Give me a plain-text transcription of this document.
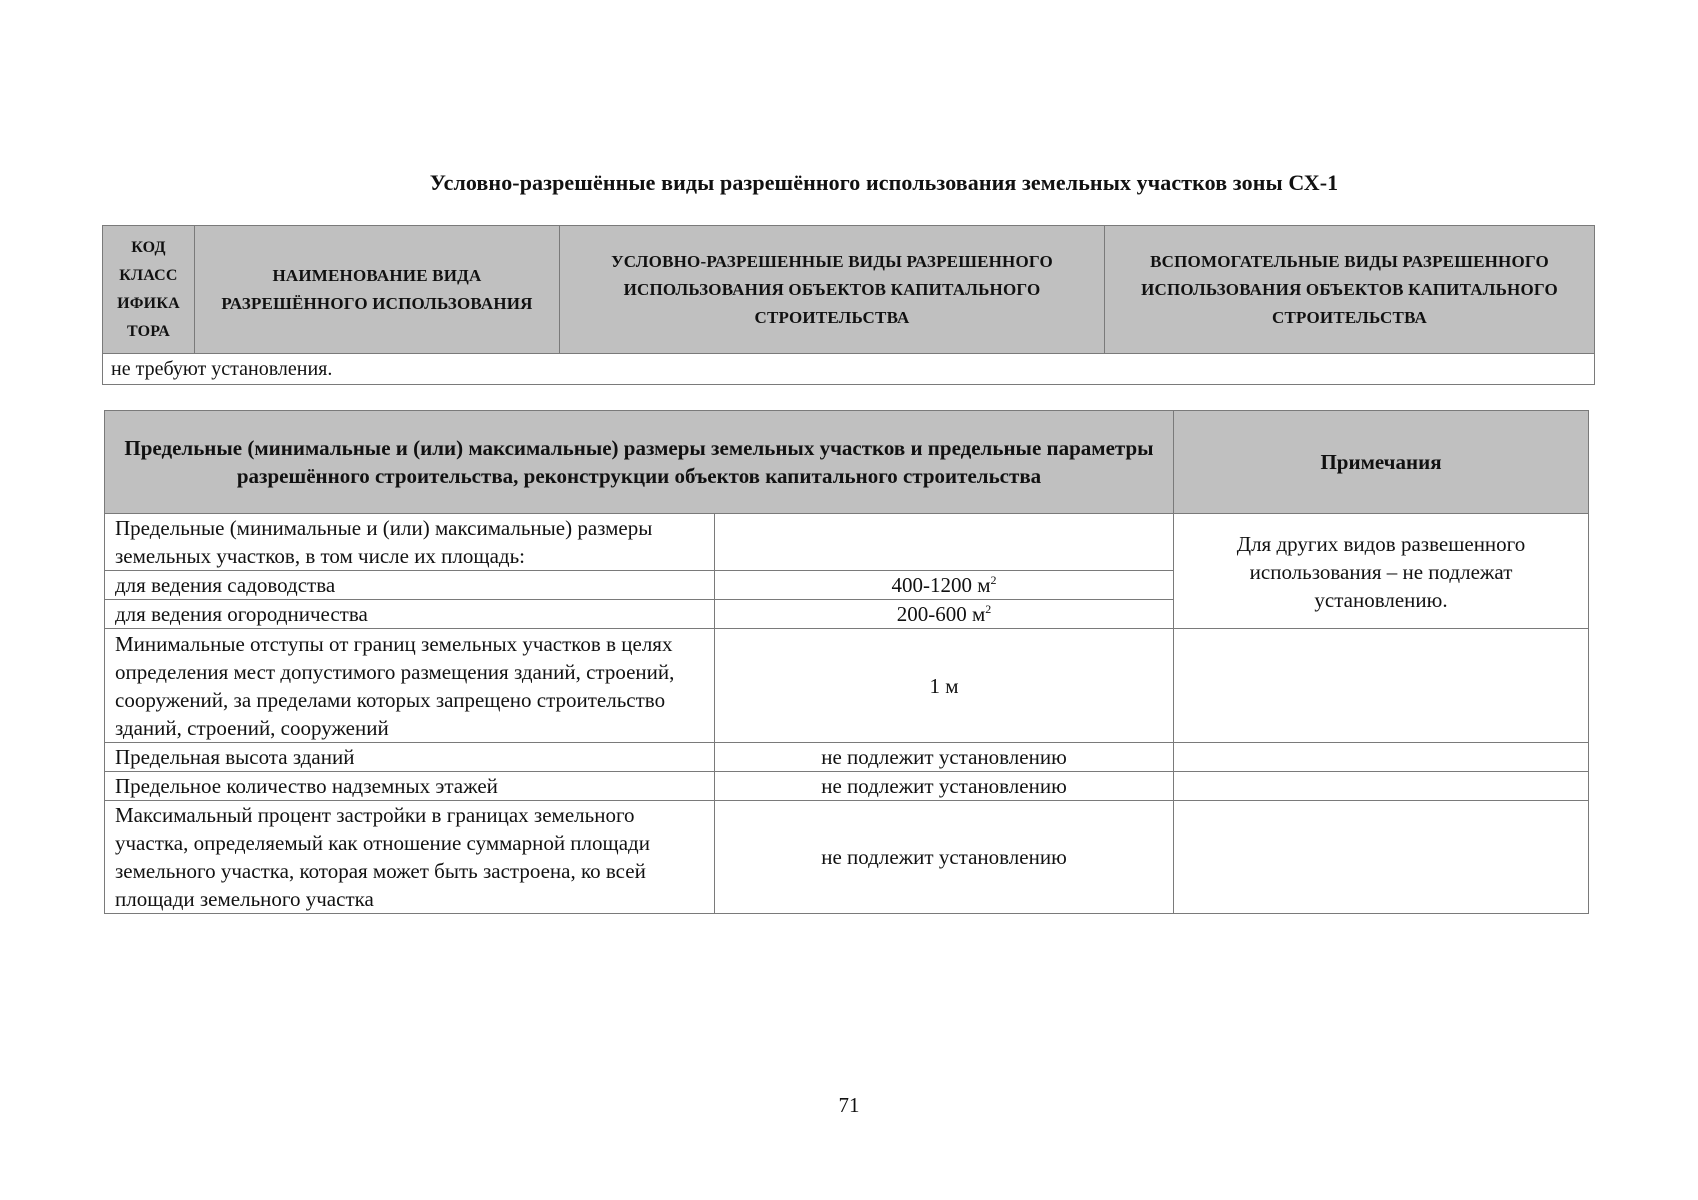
Условно-разрешённые виды разрешённого использования земельных участков зоны СХ-1
КОД КЛАСС ИФИКА ТОРА	НАИМЕНОВАНИЕ ВИДА РАЗРЕШЁННОГО ИСПОЛЬЗОВАНИЯ	УСЛОВНО-РАЗРЕШЕННЫЕ ВИДЫ РАЗРЕШЕННОГО ИСПОЛЬЗОВАНИЯ ОБЪЕКТОВ КАПИТАЛЬНОГО СТРОИТЕЛЬСТВА	ВСПОМОГАТЕЛЬНЫЕ ВИДЫ РАЗРЕШЕННОГО ИСПОЛЬЗОВАНИЯ ОБЪЕКТОВ КАПИТАЛЬНОГО СТРОИТЕЛЬСТВА
не требуют установления.
Предельные (минимальные и (или) максимальные) размеры земельных участков и предельные параметры разрешённого строительства, реконструкции объектов капитального строительства		Примечания
Предельные (минимальные и (или) максимальные) размеры земельных участков, в том числе их площадь:		Для других видов развешенного использования – не подлежат установлению.
для ведения садоводства	400-1200 $м^2$
для ведения огородничества	200-600 $м^2$
Минимальные отступы от границ земельных участков в целях определения мест допустимого размещения зданий, строений, сооружений, за пределами которых запрещено строительство зданий, строений, сооружений	1 м	
Предельная высота зданий	не подлежит установлению	
Предельное количество надземных этажей	не подлежит установлению	
Максимальный процент застройки в границах земельного участка, определяемый как отношение суммарной площади земельного участка, которая может быть застроена, ко всей площади земельного участка	не подлежит установлению	
71
